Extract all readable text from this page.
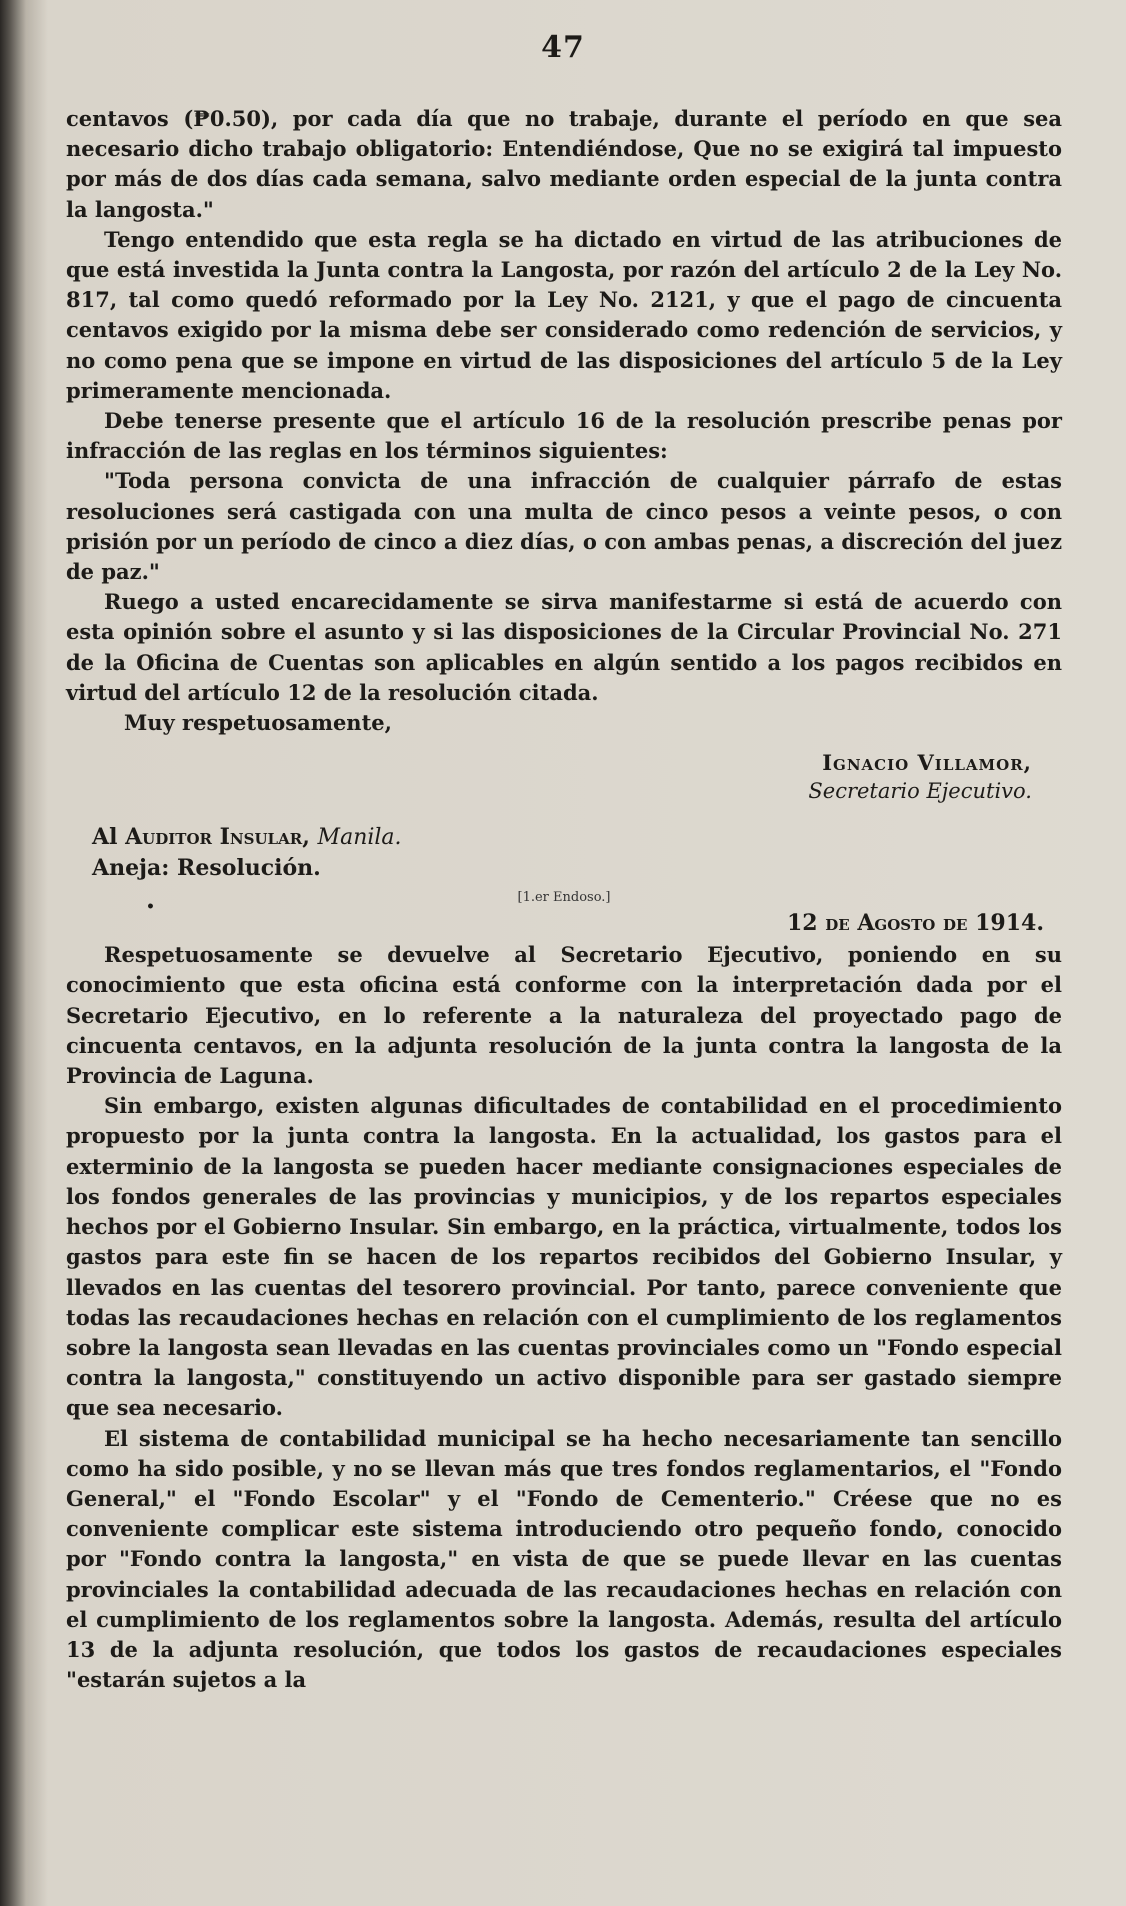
47

centavos (₱0.50), por cada día que no trabaje, durante el período en que sea necesario dicho trabajo obligatorio: Entendiéndose, Que no se exigirá tal impuesto por más de dos días cada semana, salvo mediante orden especial de la junta contra la langosta."

Tengo entendido que esta regla se ha dictado en virtud de las atribuciones de que está investida la Junta contra la Langosta, por razón del artículo 2 de la Ley No. 817, tal como quedó reformado por la Ley No. 2121, y que el pago de cincuenta centavos exigido por la misma debe ser considerado como redención de servicios, y no como pena que se impone en virtud de las disposiciones del artículo 5 de la Ley primeramente mencionada.

Debe tenerse presente que el artículo 16 de la resolución prescribe penas por infracción de las reglas en los términos siguientes:

"Toda persona convicta de una infracción de cualquier párrafo de estas resoluciones será castigada con una multa de cinco pesos a veinte pesos, o con prisión por un período de cinco a diez días, o con ambas penas, a discreción del juez de paz."

Ruego a usted encarecidamente se sirva manifestarme si está de acuerdo con esta opinión sobre el asunto y si las disposiciones de la Circular Provincial No. 271 de la Oficina de Cuentas son aplicables en algún sentido a los pagos recibidos en virtud del artículo 12 de la resolución citada.

Muy respetuosamente,
Ignacio Villamor,
Secretario Ejecutivo.
Al Auditor Insular, Manila.
Aneja: Resolución.
[1.er Endoso.]
•
12 de Agosto de 1914.

Respetuosamente se devuelve al Secretario Ejecutivo, poniendo en su conocimiento que esta oficina está conforme con la interpretación dada por el Secretario Ejecutivo, en lo referente a la naturaleza del proyectado pago de cincuenta centavos, en la adjunta resolución de la junta contra la langosta de la Provincia de Laguna.

Sin embargo, existen algunas dificultades de contabilidad en el procedimiento propuesto por la junta contra la langosta. En la actualidad, los gastos para el exterminio de la langosta se pueden hacer mediante consignaciones especiales de los fondos generales de las provincias y municipios, y de los repartos especiales hechos por el Gobierno Insular. Sin embargo, en la práctica, virtualmente, todos los gastos para este fin se hacen de los repartos recibidos del Gobierno Insular, y llevados en las cuentas del tesorero provincial. Por tanto, parece conveniente que todas las recaudaciones hechas en relación con el cumplimiento de los reglamentos sobre la langosta sean llevadas en las cuentas provinciales como un "Fondo especial contra la langosta," constituyendo un activo disponible para ser gastado siempre que sea necesario.

El sistema de contabilidad municipal se ha hecho necesariamente tan sencillo como ha sido posible, y no se llevan más que tres fondos reglamentarios, el "Fondo General," el "Fondo Escolar" y el "Fondo de Cementerio." Créese que no es conveniente complicar este sistema introduciendo otro pequeño fondo, conocido por "Fondo contra la langosta," en vista de que se puede llevar en las cuentas provinciales la contabilidad adecuada de las recaudaciones hechas en relación con el cumplimiento de los reglamentos sobre la langosta. Además, resulta del artículo 13 de la adjunta resolución, que todos los gastos de recaudaciones especiales "estarán sujetos a la
